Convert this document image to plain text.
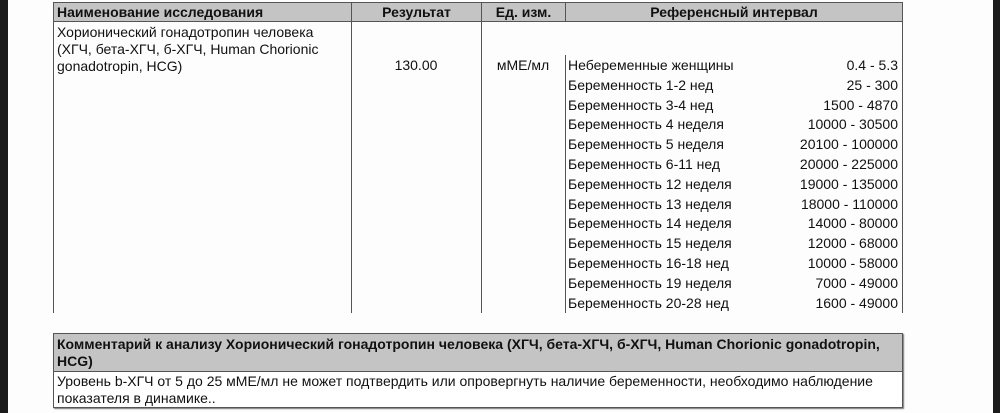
Наименование исследования	Результат	Ед. изм.	Референсный интервал
Хорионический гонадотропин человека (ХГЧ, бета-ХГЧ, б-ХГЧ, Human Chorionic gonadotropin, HCG)	130.00	мМЕ/мл	Небеременные женщины	0.4 - 5.3
Беременность 1-2 нед	25 - 300
Беременность 3-4 нед	1500 - 4870
Беременность 4 неделя	10000 - 30500
Беременность 5 неделя	20100 - 100000
Беременность 6-11 нед	20000 - 225000
Беременность 12 неделя	19000 - 135000
Беременность 13 неделя	18000 - 110000
Беременность 14 неделя	14000 - 80000
Беременность 15 неделя	12000 - 68000
Беременность 16-18 нед	10000 - 58000
Беременность 19 неделя	7000 - 49000
Беременность 20-28 нед	1600 - 49000
Комментарий к анализу Хорионический гонадотропин человека (ХГЧ, бета-ХГЧ, б-ХГЧ, Human Chorionic gonadotropin, HCG)
Уровень b-ХГЧ от 5 до 25 мМЕ/мл не может подтвердить или опровергнуть наличие беременности, необходимо наблюдение показателя в динамике..
